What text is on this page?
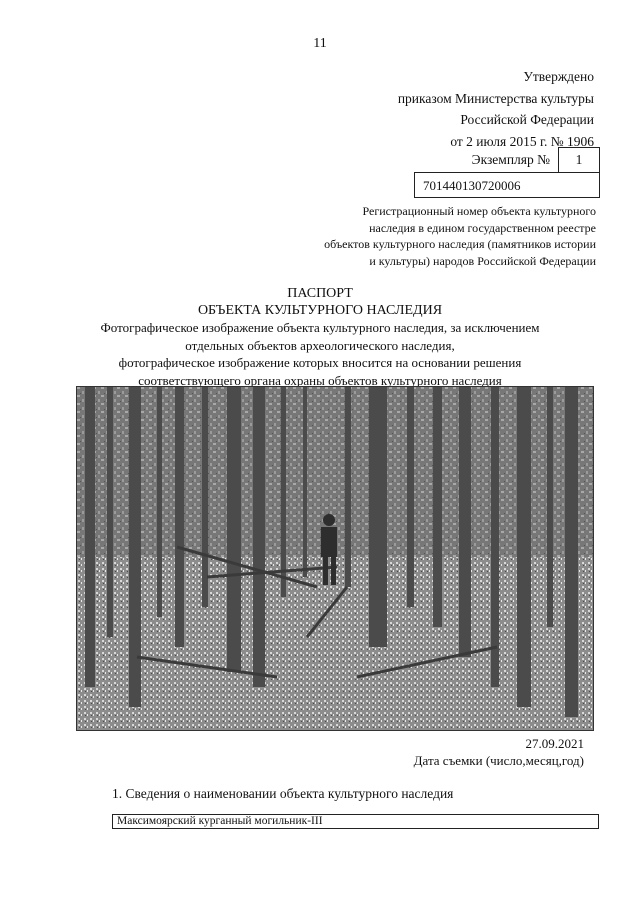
11
Утверждено
приказом Министерства культуры
Российской Федерации
от 2 июля 2015 г. № 1906
Экземпляр №	1
701440130720006
Регистрационный номер объекта культурного
наследия в едином государственном реестре
объектов культурного наследия (памятников истории
и культуры) народов Российской Федерации
ПАСПОРТ
ОБЪЕКТА КУЛЬТУРНОГО НАСЛЕДИЯ
Фотографическое изображение объекта культурного наследия, за исключением
отдельных объектов археологического наследия,
фотографическое изображение которых вносится на основании решения
соответствующего органа охраны объектов культурного наследия
27.09.2021
Дата съемки (число,месяц,год)
1. Сведения о наименовании объекта культурного наследия
Максимоярский курганный могильник-III
